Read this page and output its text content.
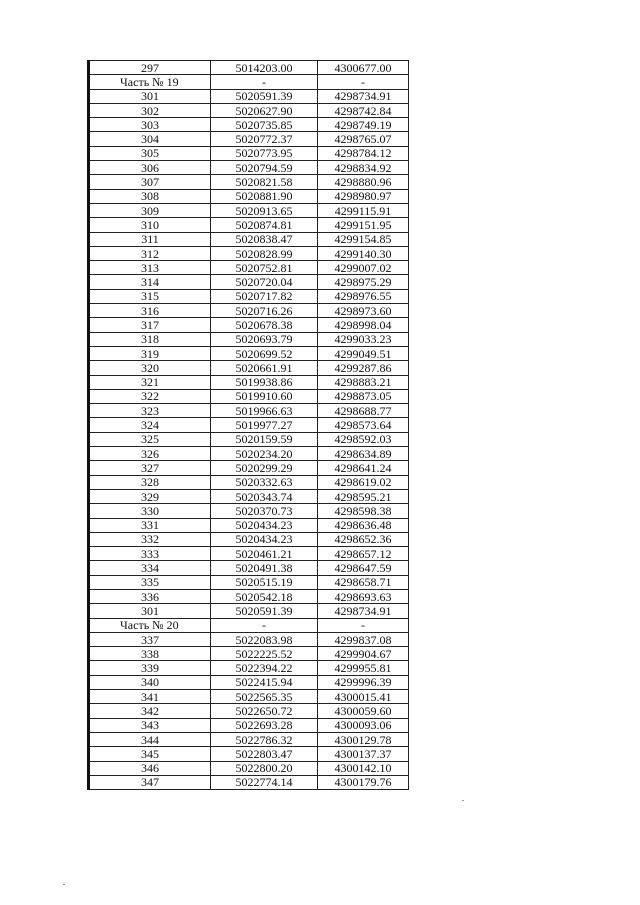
297	5014203.00	4300677.00
Часть № 19	-	-
301	5020591.39	4298734.91
302	5020627.90	4298742.84
303	5020735.85	4298749.19
304	5020772.37	4298765.07
305	5020773.95	4298784.12
306	5020794.59	4298834.92
307	5020821.58	4298880.96
308	5020881.90	4298980.97
309	5020913.65	4299115.91
310	5020874.81	4299151.95
311	5020838.47	4299154.85
312	5020828.99	4299140.30
313	5020752.81	4299007.02
314	5020720.04	4298975.29
315	5020717.82	4298976.55
316	5020716.26	4298973.60
317	5020678.38	4298998.04
318	5020693.79	4299033.23
319	5020699.52	4299049.51
320	5020661.91	4299287.86
321	5019938.86	4298883.21
322	5019910.60	4298873.05
323	5019966.63	4298688.77
324	5019977.27	4298573.64
325	5020159.59	4298592.03
326	5020234.20	4298634.89
327	5020299.29	4298641.24
328	5020332.63	4298619.02
329	5020343.74	4298595.21
330	5020370.73	4298598.38
331	5020434.23	4298636.48
332	5020434.23	4298652.36
333	5020461.21	4298657.12
334	5020491.38	4298647.59
335	5020515.19	4298658.71
336	5020542.18	4298693.63
301	5020591.39	4298734.91
Часть № 20	-	-
337	5022083.98	4299837.08
338	5022225.52	4299904.67
339	5022394.22	4299955.81
340	5022415.94	4299996.39
341	5022565.35	4300015.41
342	5022650.72	4300059.60
343	5022693.28	4300093.06
344	5022786.32	4300129.78
345	5022803.47	4300137.37
346	5022800.20	4300142.10
347	5022774.14	4300179.76
